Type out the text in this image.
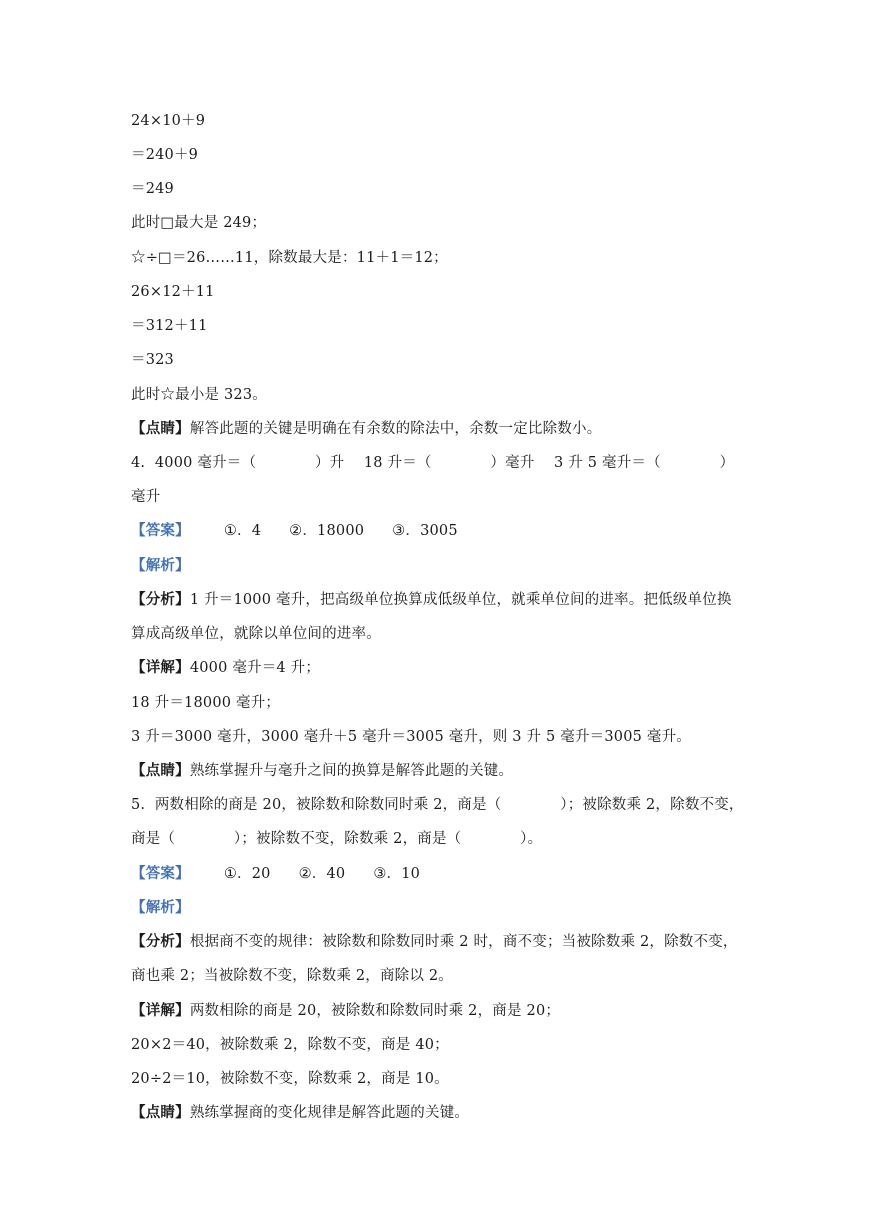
24×10＋9
＝240＋9
＝249
此时□最大是 249；
☆÷□＝26……11，除数最大是：11＋1＝12；
26×12＋11
＝312＋11
＝323
此时☆最小是 323。
【点睛】解答此题的关键是明确在有余数的除法中，余数一定比除数小。
4.  4000 毫升＝（　　　　）升　 18 升＝（　　　　）毫升　 3 升 5 毫升＝（　　　　）
毫升
【答案】 ①．4 ②．18000 ③．3005
【解析】
【分析】1 升＝1000 毫升，把高级单位换算成低级单位，就乘单位间的进率。把低级单位换
算成高级单位，就除以单位间的进率。
【详解】4000 毫升＝4 升；
18 升＝18000 毫升；
3 升＝3000 毫升，3000 毫升＋5 毫升＝3005 毫升，则 3 升 5 毫升＝3005 毫升。
【点睛】熟练掌握升与毫升之间的换算是解答此题的关键。
5.  两数相除的商是 20，被除数和除数同时乘 2，商是（　　　　）；被除数乘 2，除数不变，
商是（　　　　）；被除数不变，除数乘 2，商是（　　　　）。
【答案】 ①．20 ②．40 ③．10
【解析】
【分析】根据商不变的规律：被除数和除数同时乘 2 时，商不变；当被除数乘 2，除数不变，
商也乘 2；当被除数不变，除数乘 2，商除以 2。
【详解】两数相除的商是 20，被除数和除数同时乘 2，商是 20；
20×2＝40，被除数乘 2，除数不变，商是 40；
20÷2＝10，被除数不变，除数乘 2，商是 10。
【点睛】熟练掌握商的变化规律是解答此题的关键。
